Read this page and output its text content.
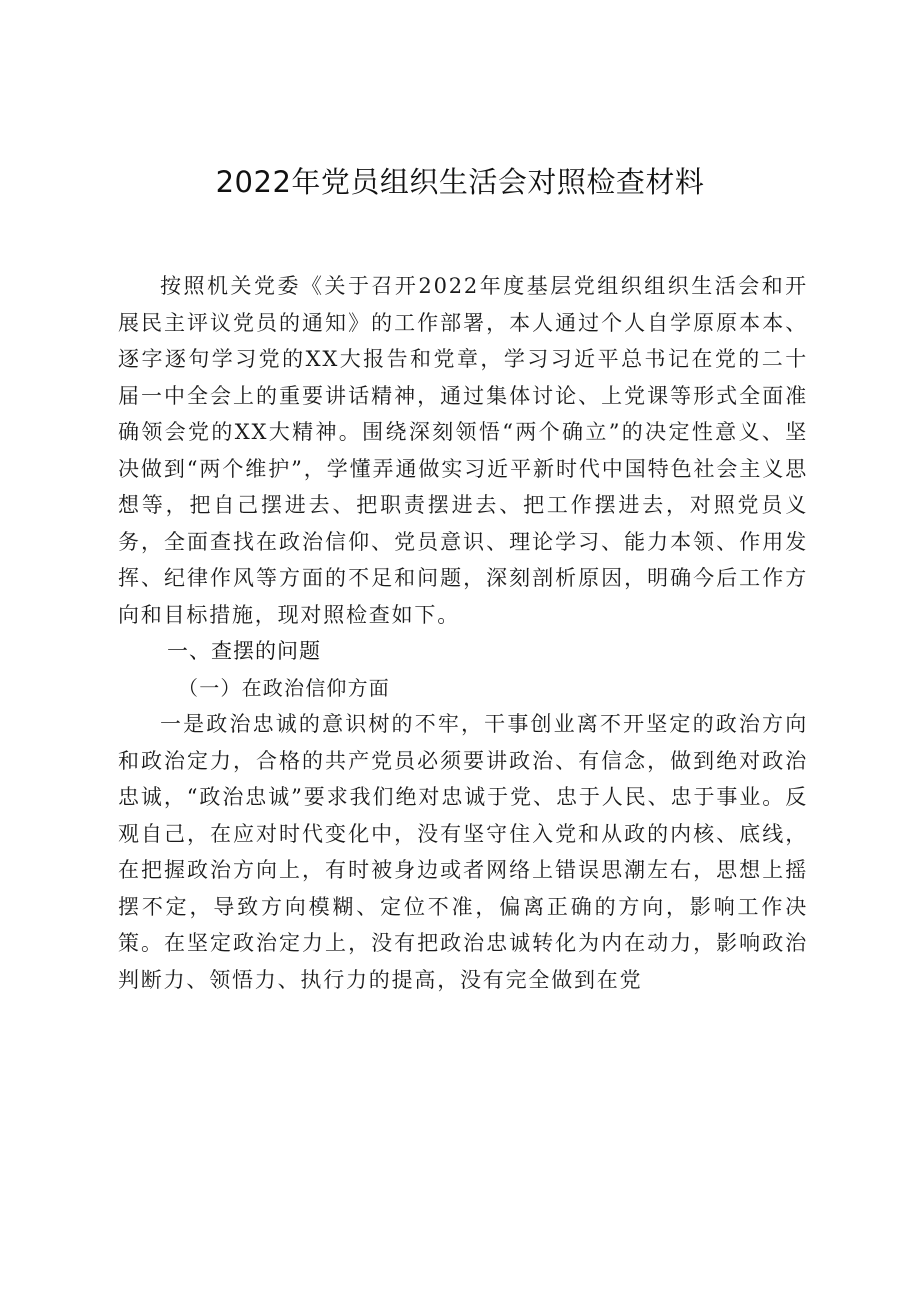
2022年党员组织生活会对照检查材料

按照机关党委《关于召开2022年度基层党组织组织生活会和开展民主评议党员的通知》的工作部署，本人通过个人自学原原本本、逐字逐句学习党的XX大报告和党章，学习习近平总书记在党的二十届一中全会上的重要讲话精神，通过集体讨论、上党课等形式全面准确领会党的XX大精神。围绕深刻领悟“两个确立”的决定性意义、坚决做到“两个维护”，学懂弄通做实习近平新时代中国特色社会主义思想等，把自己摆进去、把职责摆进去、把工作摆进去，对照党员义务，全面查找在政治信仰、党员意识、理论学习、能力本领、作用发挥、纪律作风等方面的不足和问题，深刻剖析原因，明确今后工作方向和目标措施，现对照检查如下。

一、查摆的问题

（一）在政治信仰方面

一是政治忠诚的意识树的不牢，干事创业离不开坚定的政治方向和政治定力，合格的共产党员必须要讲政治、有信念，做到绝对政治忠诚，“政治忠诚”要求我们绝对忠诚于党、忠于人民、忠于事业。反观自己，在应对时代变化中，没有坚守住入党和从政的内核、底线，在把握政治方向上，有时被身边或者网络上错误思潮左右，思想上摇摆不定，导致方向模糊、定位不准，偏离正确的方向，影响工作决策。在坚定政治定力上，没有把政治忠诚转化为内在动力，影响政治判断力、领悟力、执行力的提高，没有完全做到在党
